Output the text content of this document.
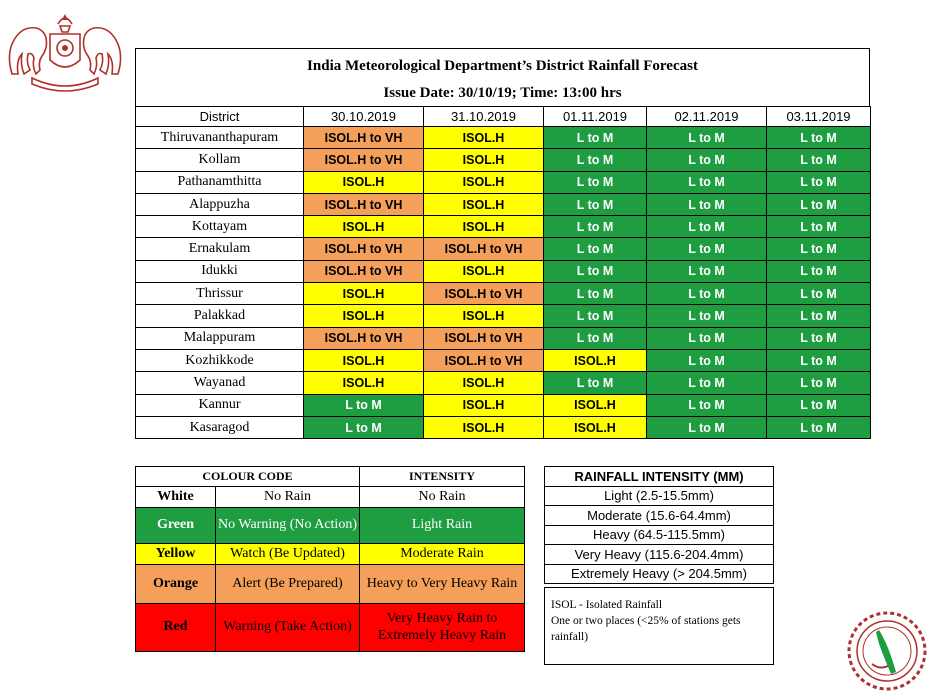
India Meteorological Department’s District Rainfall Forecast
Issue Date: 30/10/19; Time: 13:00 hrs
District	30.10.2019	31.10.2019	01.11.2019	02.11.2019	03.11.2019
Thiruvananthapuram	ISOL.H to VH	ISOL.H	L to M	L to M	L to M
Kollam	ISOL.H to VH	ISOL.H	L to M	L to M	L to M
Pathanamthitta	ISOL.H	ISOL.H	L to M	L to M	L to M
Alappuzha	ISOL.H to VH	ISOL.H	L to M	L to M	L to M
Kottayam	ISOL.H	ISOL.H	L to M	L to M	L to M
Ernakulam	ISOL.H to VH	ISOL.H to VH	L to M	L to M	L to M
Idukki	ISOL.H to VH	ISOL.H	L to M	L to M	L to M
Thrissur	ISOL.H	ISOL.H to VH	L to M	L to M	L to M
Palakkad	ISOL.H	ISOL.H	L to M	L to M	L to M
Malappuram	ISOL.H to VH	ISOL.H to VH	L to M	L to M	L to M
Kozhikkode	ISOL.H	ISOL.H to VH	ISOL.H	L to M	L to M
Wayanad	ISOL.H	ISOL.H	L to M	L to M	L to M
Kannur	L to M	ISOL.H	ISOL.H	L to M	L to M
Kasaragod	L to M	ISOL.H	ISOL.H	L to M	L to M
COLOUR CODE		INTENSITY
White	No Rain	No Rain
Green	No Warning (No Action)	Light Rain
Yellow	Watch (Be Updated)	Moderate Rain
Orange	Alert (Be Prepared)	Heavy to Very Heavy Rain
Red	Warning (Take Action)	Very Heavy Rain to Extremely Heavy Rain
RAINFALL INTENSITY (MM)
Light (2.5-15.5mm)
Moderate (15.6-64.4mm)
Heavy (64.5-115.5mm)
Very Heavy (115.6-204.4mm)
Extremely Heavy (> 204.5mm)
ISOL - Isolated Rainfall
One or two places (<25% of stations gets rainfall)
